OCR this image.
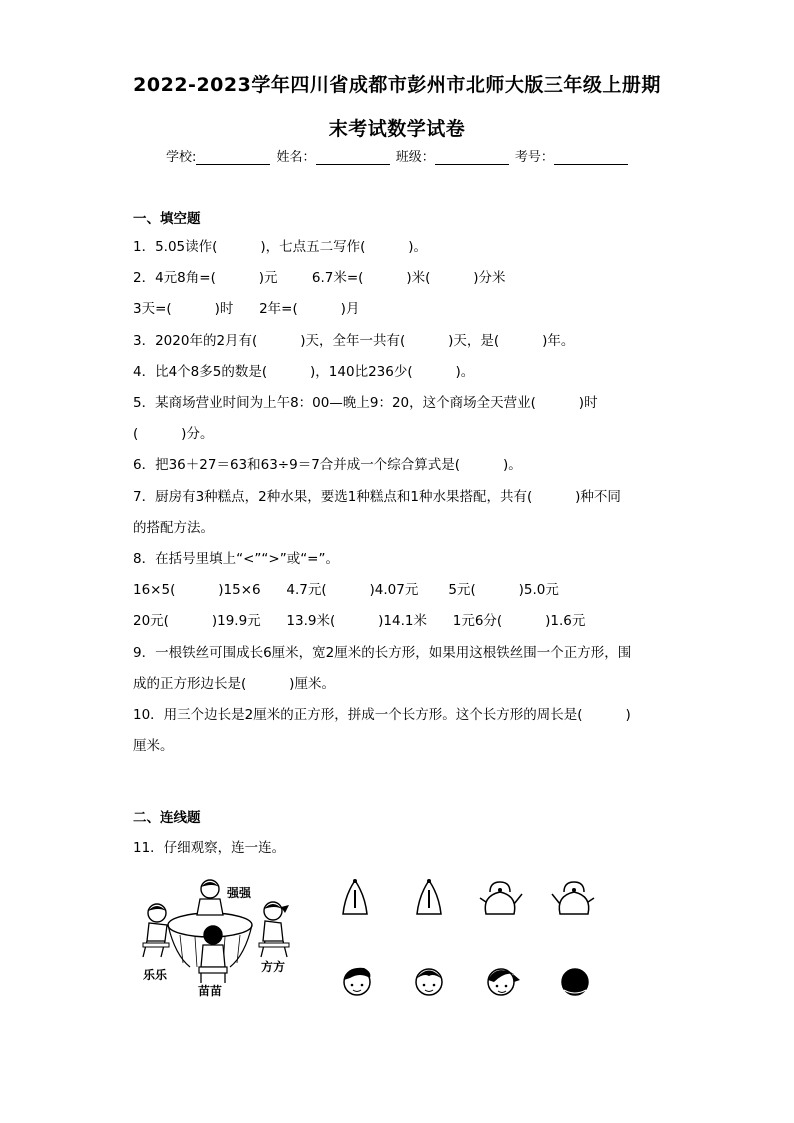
2022-2023学年四川省成都市彭州市北师大版三年级上册期
末考试数学试卷
学校:	姓名：	班级：	考号：
一、填空题
1．5.05读作(          )，七点五二写作(          )。
2．4元8角=(          )元        6.7米=(          )米(          )分米
3天=(          )时      2年=(          )月
3．2020年的2月有(          )天，全年一共有(          )天，是(          )年。
4．比4个8多5的数是(          )，140比236少(          )。
5．某商场营业时间为上午8：00—晚上9：20，这个商场全天营业(          )时
(          )分。
6．把36＋27＝63和63÷9＝7合并成一个综合算式是(          )。
7．厨房有3种糕点，2种水果，要选1种糕点和1种水果搭配，共有(          )种不同
的搭配方法。
8．在括号里填上“<”“>”或“=”。
16×5(          )15×6      4.7元(          )4.07元       5元(          )5.0元
20元(          )19.9元      13.9米(          )14.1米      1元6分(          )1.6元
9．一根铁丝可围成长6厘米，宽2厘米的长方形，如果用这根铁丝围一个正方形，围
成的正方形边长是(          )厘米。
10．用三个边长是2厘米的正方形，拼成一个长方形。这个长方形的周长是(          )
厘米。
二、连线题
11．仔细观察，连一连。
强强
乐乐
苗苗
方方
